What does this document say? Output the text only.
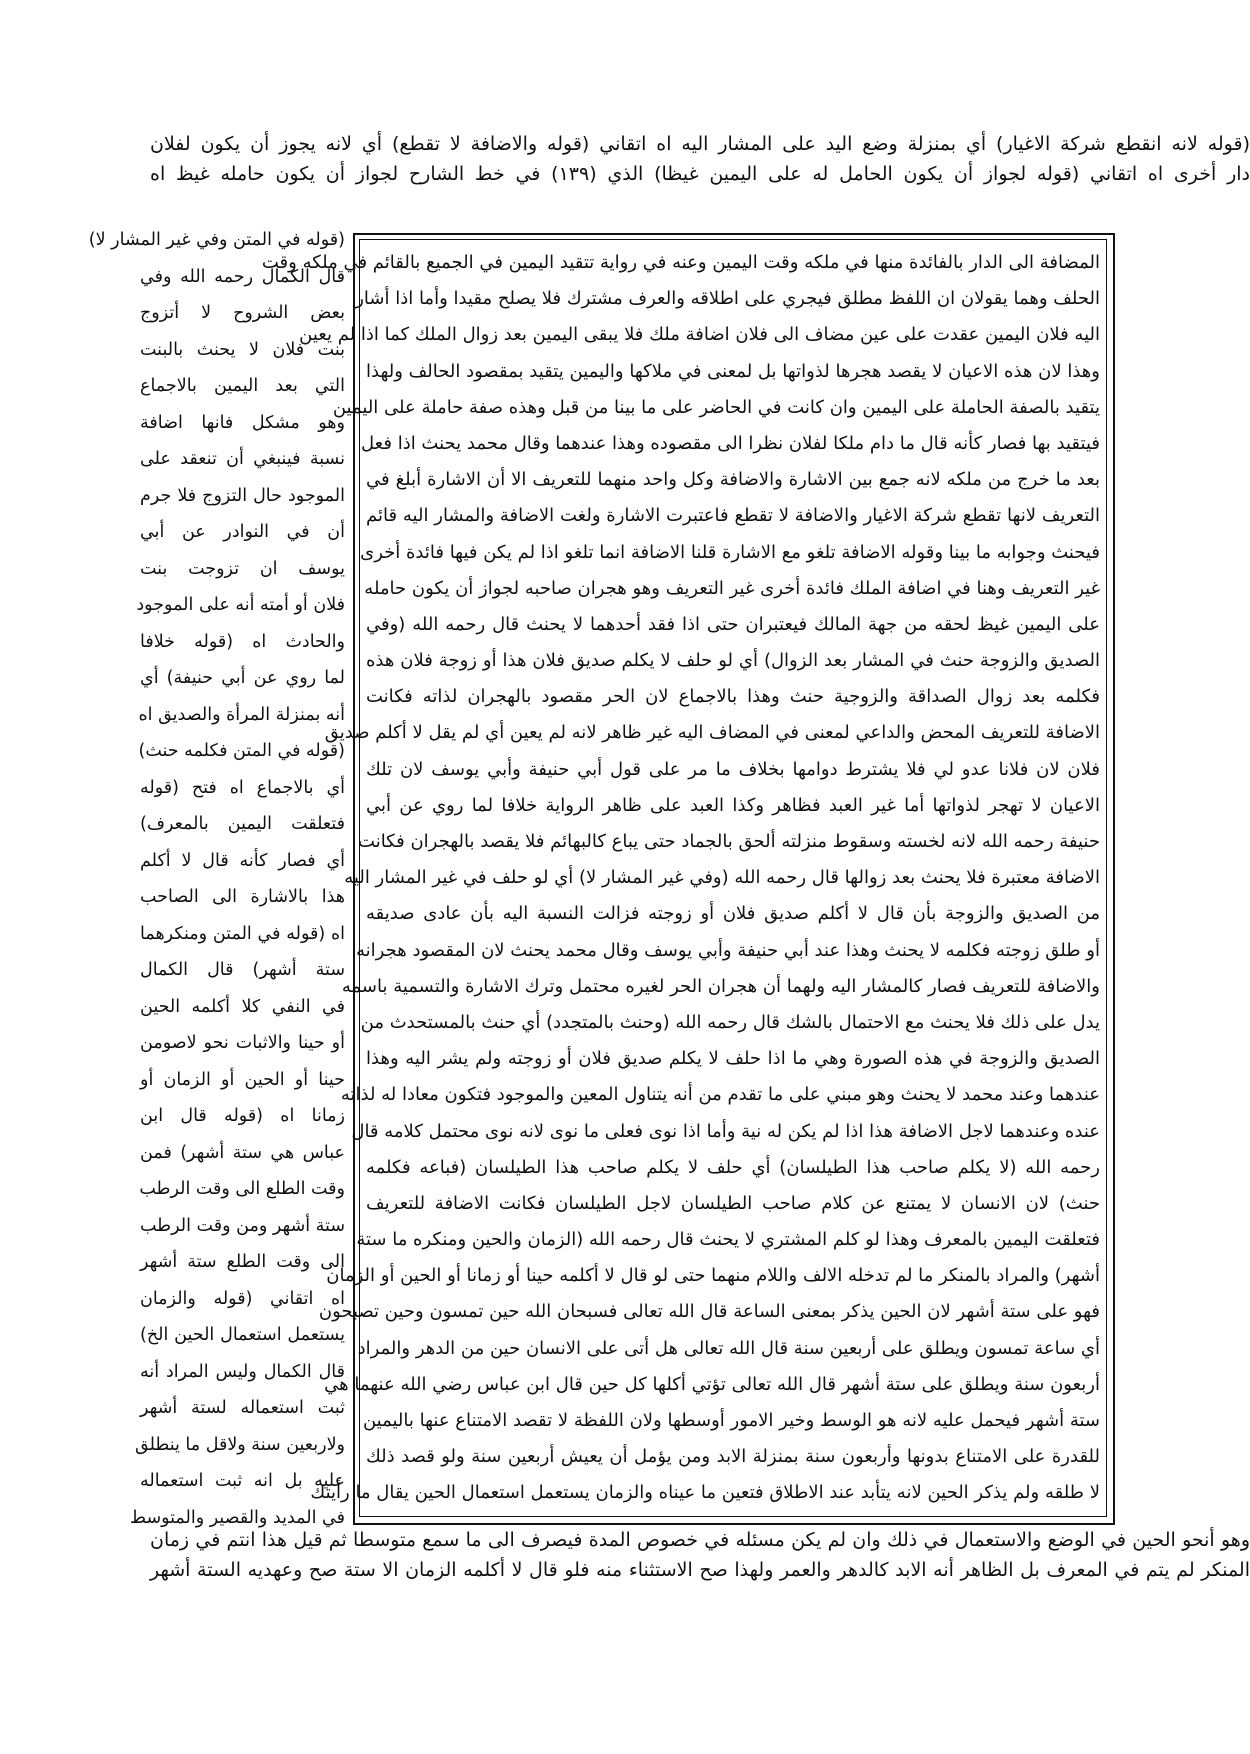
(قوله لانه انقطع شركة الاغيار) أي بمنزلة وضع اليد على المشار اليه اه اتقاني (قوله والاضافة لا تقطع) أي لانه يجوز أن يكون لفلان
دار أخرى اه اتقاني (قوله لجواز أن يكون الحامل له على اليمين غيظا) الذي (١٣٩) في خط الشارح لجواز أن يكون حامله غيظ اه
المضافة الى الدار بالفائدة منها في ملكه وقت اليمين وعنه في رواية تتقيد اليمين في الجميع بالقائم في ملكه وقت
الحلف وهما يقولان ان اللفظ مطلق فيجري على اطلاقه والعرف مشترك فلا يصلح مقيدا وأما اذا أشار
اليه فلان اليمين عقدت على عين مضاف الى فلان اضافة ملك فلا يبقى اليمين بعد زوال الملك كما اذا لم يعين
وهذا لان هذه الاعيان لا يقصد هجرها لذواتها بل لمعنى في ملاكها واليمين يتقيد بمقصود الحالف ولهذا
يتقيد بالصفة الحاملة على اليمين وان كانت في الحاضر على ما بينا من قبل وهذه صفة حاملة على اليمين
فيتقيد بها فصار كأنه قال ما دام ملكا لفلان نظرا الى مقصوده وهذا عندهما وقال محمد يحنث اذا فعل
بعد ما خرج من ملكه لانه جمع بين الاشارة والاضافة وكل واحد منهما للتعريف الا أن الاشارة أبلغ في
التعريف لانها تقطع شركة الاغيار والاضافة لا تقطع فاعتبرت الاشارة ولغت الاضافة والمشار اليه قائم
فيحنث وجوابه ما بينا وقوله الاضافة تلغو مع الاشارة قلنا الاضافة انما تلغو اذا لم يكن فيها فائدة أخرى
غير التعريف وهنا في اضافة الملك فائدة أخرى غير التعريف وهو هجران صاحبه لجواز أن يكون حامله
على اليمين غيظ لحقه من جهة المالك فيعتبران حتى اذا فقد أحدهما لا يحنث قال رحمه الله (وفي
الصديق والزوجة حنث في المشار بعد الزوال) أي لو حلف لا يكلم صديق فلان هذا أو زوجة فلان هذه
فكلمه بعد زوال الصداقة والزوجية حنث وهذا بالاجماع لان الحر مقصود بالهجران لذاته فكانت
الاضافة للتعريف المحض والداعي لمعنى في المضاف اليه غير ظاهر لانه لم يعين أي لم يقل لا أكلم صديق
فلان لان فلانا عدو لي فلا يشترط دوامها بخلاف ما مر على قول أبي حنيفة وأبي يوسف لان تلك
الاعيان لا تهجر لذواتها أما غير العبد فظاهر وكذا العبد على ظاهر الرواية خلافا لما روي عن أبي
حنيفة رحمه الله لانه لخسته وسقوط منزلته ألحق بالجماد حتى يباع كالبهائم فلا يقصد بالهجران فكانت
الاضافة معتبرة فلا يحنث بعد زوالها قال رحمه الله (وفي غير المشار لا) أي لو حلف في غير المشار اليه
من الصديق والزوجة بأن قال لا أكلم صديق فلان أو زوجته فزالت النسبة اليه بأن عادى صديقه
أو طلق زوجته فكلمه لا يحنث وهذا عند أبي حنيفة وأبي يوسف وقال محمد يحنث لان المقصود هجرانه
والاضافة للتعريف فصار كالمشار اليه ولهما أن هجران الحر لغيره محتمل وترك الاشارة والتسمية باسمه
يدل على ذلك فلا يحنث مع الاحتمال بالشك قال رحمه الله (وحنث بالمتجدد) أي حنث بالمستحدث من
الصديق والزوجة في هذه الصورة وهي ما اذا حلف لا يكلم صديق فلان أو زوجته ولم يشر اليه وهذا
عندهما وعند محمد لا يحنث وهو مبني على ما تقدم من أنه يتناول المعين والموجود فتكون معادا له لذاته
عنده وعندهما لاجل الاضافة هذا اذا لم يكن له نية وأما اذا نوى فعلى ما نوى لانه نوى محتمل كلامه قال
رحمه الله (لا يكلم صاحب هذا الطيلسان) أي حلف لا يكلم صاحب هذا الطيلسان (فباعه فكلمه
حنث) لان الانسان لا يمتنع عن كلام صاحب الطيلسان لاجل الطيلسان فكانت الاضافة للتعريف
فتعلقت اليمين بالمعرف وهذا لو كلم المشتري لا يحنث قال رحمه الله (الزمان والحين ومنكره ما ستة
أشهر) والمراد بالمنكر ما لم تدخله الالف واللام منهما حتى لو قال لا أكلمه حينا أو زمانا أو الحين أو الزمان
فهو على ستة أشهر لان الحين يذكر بمعنى الساعة قال الله تعالى فسبحان الله حين تمسون وحين تصبحون
أي ساعة تمسون ويطلق على أربعين سنة قال الله تعالى هل أتى على الانسان حين من الدهر والمراد
أربعون سنة ويطلق على ستة أشهر قال الله تعالى تؤتي أكلها كل حين قال ابن عباس رضي الله عنهما هي
ستة أشهر فيحمل عليه لانه هو الوسط وخير الامور أوسطها ولان اللفظة لا تقصد الامتناع عنها باليمين
للقدرة على الامتناع بدونها وأربعون سنة بمنزلة الابد ومن يؤمل أن يعيش أربعين سنة ولو قصد ذلك
لا طلقه ولم يذكر الحين لانه يتأبد عند الاطلاق فتعين ما عيناه والزمان يستعمل استعمال الحين يقال ما رأيتك
(قوله في المتن وفي غير المشار لا)
قال الكمال رحمه الله وفي
بعض الشروح لا أتزوج
بنت فلان لا يحنث بالبنت
التي بعد اليمين بالاجماع
وهو مشكل فانها اضافة
نسبة فينبغي أن تنعقد على
الموجود حال التزوج فلا جرم
أن في النوادر عن أبي
يوسف ان تزوجت بنت
فلان أو أمته أنه على الموجود
والحادث اه (قوله خلافا
لما روي عن أبي حنيفة) أي
أنه بمنزلة المرأة والصديق اه
(قوله في المتن فكلمه حنث)
أي بالاجماع اه فتح (قوله
فتعلقت اليمين بالمعرف)
أي فصار كأنه قال لا أكلم
هذا بالاشارة الى الصاحب
اه (قوله في المتن ومنكرهما
ستة أشهر) قال الكمال
في النفي كلا أكلمه الحين
أو حينا والاثبات نحو لاصومن
حينا أو الحين أو الزمان أو
زمانا اه (قوله قال ابن
عباس هي ستة أشهر) فمن
وقت الطلع الى وقت الرطب
ستة أشهر ومن وقت الرطب
الى وقت الطلع ستة أشهر
اه اتقاني (قوله والزمان
يستعمل استعمال الحين الخ)
قال الكمال وليس المراد أنه
ثبت استعماله لستة أشهر
ولاربعين سنة ولاقل ما ينطلق
عليه بل انه ثبت استعماله
في المديد والقصير والمتوسط
وهو أنحو الحين في الوضع والاستعمال في ذلك وان لم يكن مسئله في خصوص المدة فيصرف الى ما سمع متوسطا ثم قيل هذا انتم في زمان
المنكر لم يتم في المعرف بل الظاهر أنه الابد كالدهر والعمر ولهذا صح الاستثناء منه فلو قال لا أكلمه الزمان الا ستة صح وعهديه الستة أشهر
